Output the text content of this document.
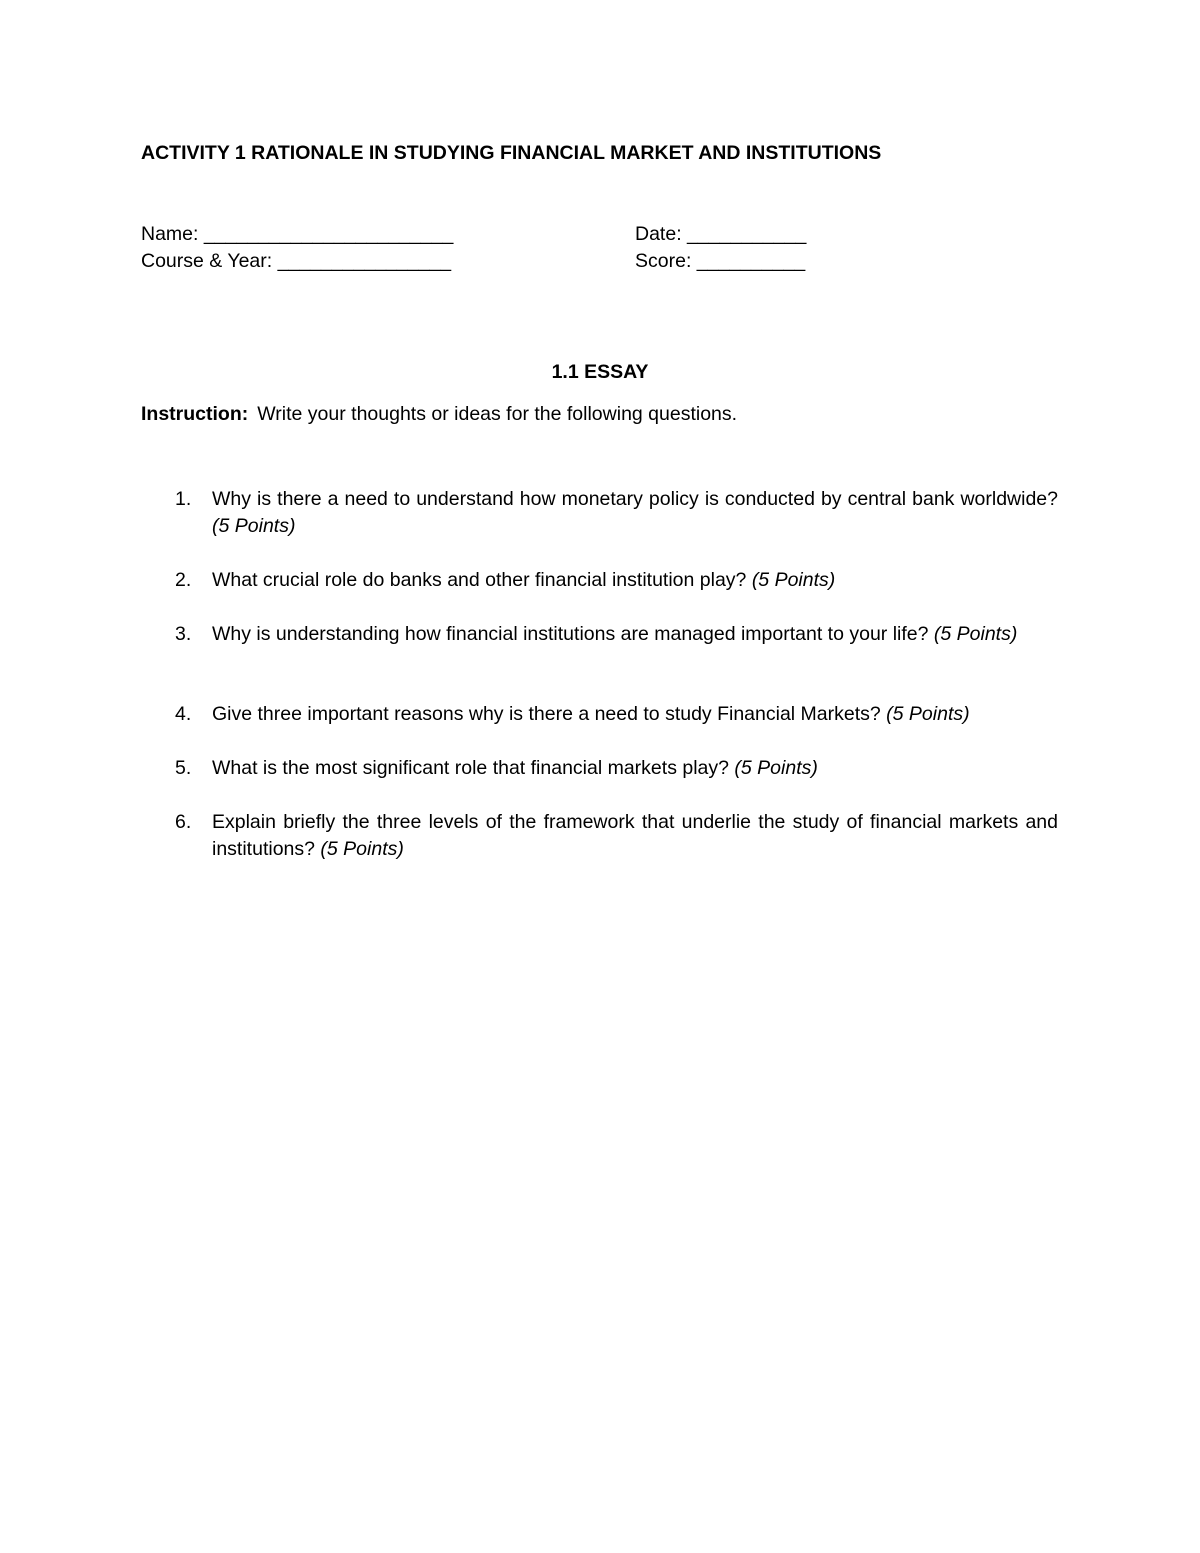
ACTIVITY 1 RATIONALE IN STUDYING FINANCIAL MARKET AND INSTITUTIONS
Name: _______________________	Date: ___________
Course & Year: ________________	Score: __________
1.1 ESSAY
Instruction: Write your thoughts or ideas for the following questions.
1. Why is there a need to understand how monetary policy is conducted by central bank worldwide? (5 Points)
2. What crucial role do banks and other financial institution play? (5 Points)
3. Why is understanding how financial institutions are managed important to your life? (5 Points)
4. Give three important reasons why is there a need to study Financial Markets? (5 Points)
5. What is the most significant role that financial markets play? (5 Points)
6. Explain briefly the three levels of the framework that underlie the study of financial markets and institutions? (5 Points)
